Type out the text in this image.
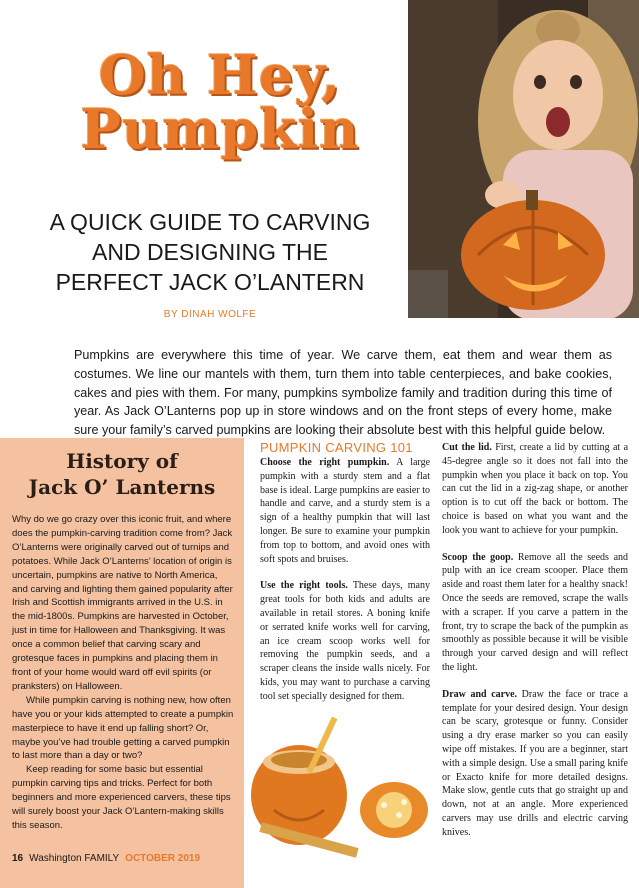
Oh Hey,
Pumpkin
A QUICK GUIDE TO CARVING AND DESIGNING THE PERFECT JACK O’LANTERN
BY DINAH WOLFE
Pumpkins are everywhere this time of year. We carve them, eat them and wear them as costumes. We line our mantels with them, turn them into table centerpieces, and bake cookies, cakes and pies with them. For many, pumpkins symbolize family and tradition during this time of year. As Jack O’Lanterns pop up in store windows and on the front steps of every home, make sure your family’s carved pumpkins are looking their absolute best with this helpful guide below.
History of
Jack O’ Lanterns

Why do we go crazy over this iconic fruit, and where does the pumpkin-carving tradition come from? Jack O’Lanterns were originally carved out of turnips and potatoes. While Jack O’Lanterns’ location of origin is uncertain, pumpkins are native to North America, and carving and lighting them gained popularity after Irish and Scottish immigrants arrived in the U.S. in the mid-1800s. Pumpkins are harvested in October, just in time for Halloween and Thanksgiving. It was once a common belief that carving scary and grotesque faces in pumpkins and placing them in front of your home would ward off evil spirits (or pranksters) on Halloween.

While pumpkin carving is nothing new, how often have you or your kids attempted to create a pumpkin masterpiece to have it end up falling short? Or, maybe you’ve had trouble getting a carved pumpkin to last more than a day or two?

Keep reading for some basic but essential pumpkin carving tips and tricks. Perfect for both beginners and more experienced carvers, these tips will surely boost your Jack O’Lantern-making skills this season.

16 Washington FAMILY OCTOBER 2019
PUMPKIN CARVING 101

Choose the right pumpkin. A large pumpkin with a sturdy stem and a flat base is ideal. Large pumpkins are easier to handle and carve, and a sturdy stem is a sign of a healthy pumpkin that will last longer. Be sure to examine your pumpkin from top to bottom, and avoid ones with soft spots and bruises.

Use the right tools. These days, many great tools for both kids and adults are available in retail stores. A boning knife or serrated knife works well for carving, an ice cream scoop works well for removing the pumpkin seeds, and a scraper cleans the inside walls nicely. For kids, you may want to purchase a carving tool set specially designed for them.

Cut the lid. First, create a lid by cutting at a 45-degree angle so it does not fall into the pumpkin when you place it back on top. You can cut the lid in a zig-zag shape, or another option is to cut off the back or bottom. The choice is based on what you want and the look you want to achieve for your pumpkin.

Scoop the goop. Remove all the seeds and pulp with an ice cream scooper. Place them aside and roast them later for a healthy snack! Once the seeds are removed, scrape the walls with a scraper. If you carve a pattern in the front, try to scrape the back of the pumpkin as smoothly as possible because it will be visible through your carved design and will reflect the light.

Draw and carve. Draw the face or trace a template for your desired design. Your design can be scary, grotesque or funny. Consider using a dry erase marker so you can easily wipe off mistakes. If you are a beginner, start with a simple design. Use a small paring knife or Exacto knife for more detailed designs. Make slow, gentle cuts that go straight up and down, not at an angle. More experienced carvers may use drills and electric carving knives.
